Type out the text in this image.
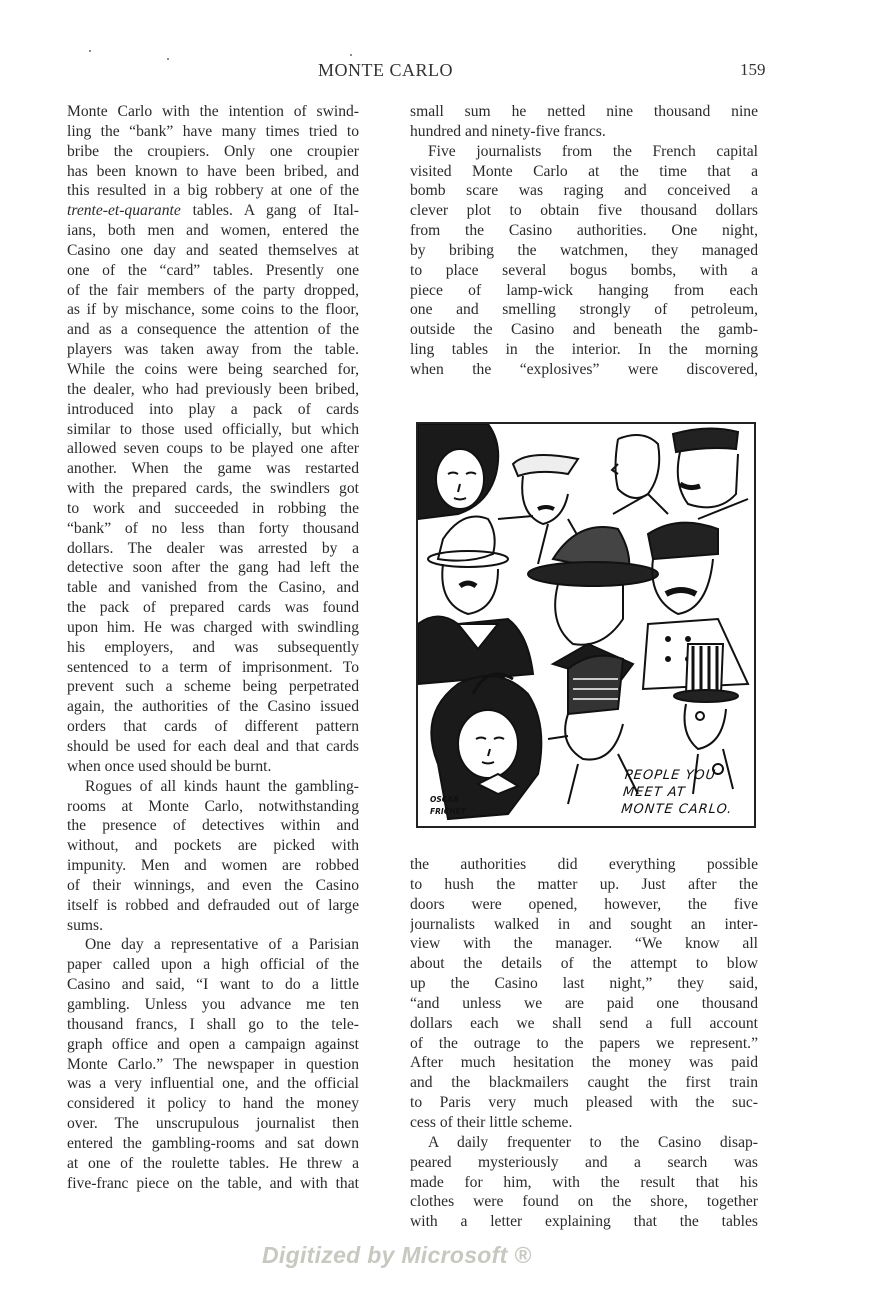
MONTE CARLO	159
Monte Carlo with the intention of swind-
ling the “bank” have many times tried to
bribe the croupiers. Only one croupier
has been known to have been bribed, and
this resulted in a big robbery at one of the
trente-et-quarante tables. A gang of Ital-
ians, both men and women, entered the
Casino one day and seated themselves at
one of the “card” tables. Presently one
of the fair members of the party dropped,
as if by mischance, some coins to the floor,
and as a consequence the attention of the
players was taken away from the table.
While the coins were being searched for,
the dealer, who had previously been bribed,
introduced into play a pack of cards
similar to those used officially, but which
allowed seven coups to be played one after
another. When the game was restarted
with the prepared cards, the swindlers got
to work and succeeded in robbing the
“bank” of no less than forty thousand
dollars. The dealer was arrested by a
detective soon after the gang had left the
table and vanished from the Casino, and
the pack of prepared cards was found
upon him. He was charged with swindling
his employers, and was subsequently
sentenced to a term of imprisonment. To
prevent such a scheme being perpetrated
again, the authorities of the Casino issued
orders that cards of different pattern
should be used for each deal and that cards
when once used should be burnt.
Rogues of all kinds haunt the gambling-
rooms at Monte Carlo, notwithstanding
the presence of detectives within and
without, and pockets are picked with
impunity. Men and women are robbed
of their winnings, and even the Casino
itself is robbed and defrauded out of large
sums.
One day a representative of a Parisian
paper called upon a high official of the
Casino and said, “I want to do a little
gambling. Unless you advance me ten
thousand francs, I shall go to the tele-
graph office and open a campaign against
Monte Carlo.” The newspaper in question
was a very influential one, and the official
considered it policy to hand the money
over. The unscrupulous journalist then
entered the gambling-rooms and sat down
at one of the roulette tables. He threw a
five-franc piece on the table, and with that
small sum he netted nine thousand nine
hundred and ninety-five francs.
Five journalists from the French capital
visited Monte Carlo at the time that a
bomb scare was raging and conceived a
clever plot to obtain five thousand dollars
from the Casino authorities. One night,
by bribing the watchmen, they managed
to place several bogus bombs, with a
piece of lamp-wick hanging from each
one and smelling strongly of petroleum,
outside the Casino and beneath the gamb-
ling tables in the interior. In the morning
when the “explosives” were discovered,
PEOPLE YOU
MEET AT
MONTE CARLO.
OSCAR
FRICHET
the authorities did everything possible
to hush the matter up. Just after the
doors were opened, however, the five
journalists walked in and sought an inter-
view with the manager. “We know all
about the details of the attempt to blow
up the Casino last night,” they said,
“and unless we are paid one thousand
dollars each we shall send a full account
of the outrage to the papers we represent.”
After much hesitation the money was paid
and the blackmailers caught the first train
to Paris very much pleased with the suc-
cess of their little scheme.
A daily frequenter to the Casino disap-
peared mysteriously and a search was
made for him, with the result that his
clothes were found on the shore, together
with a letter explaining that the tables
Digitized by Microsoft ®
